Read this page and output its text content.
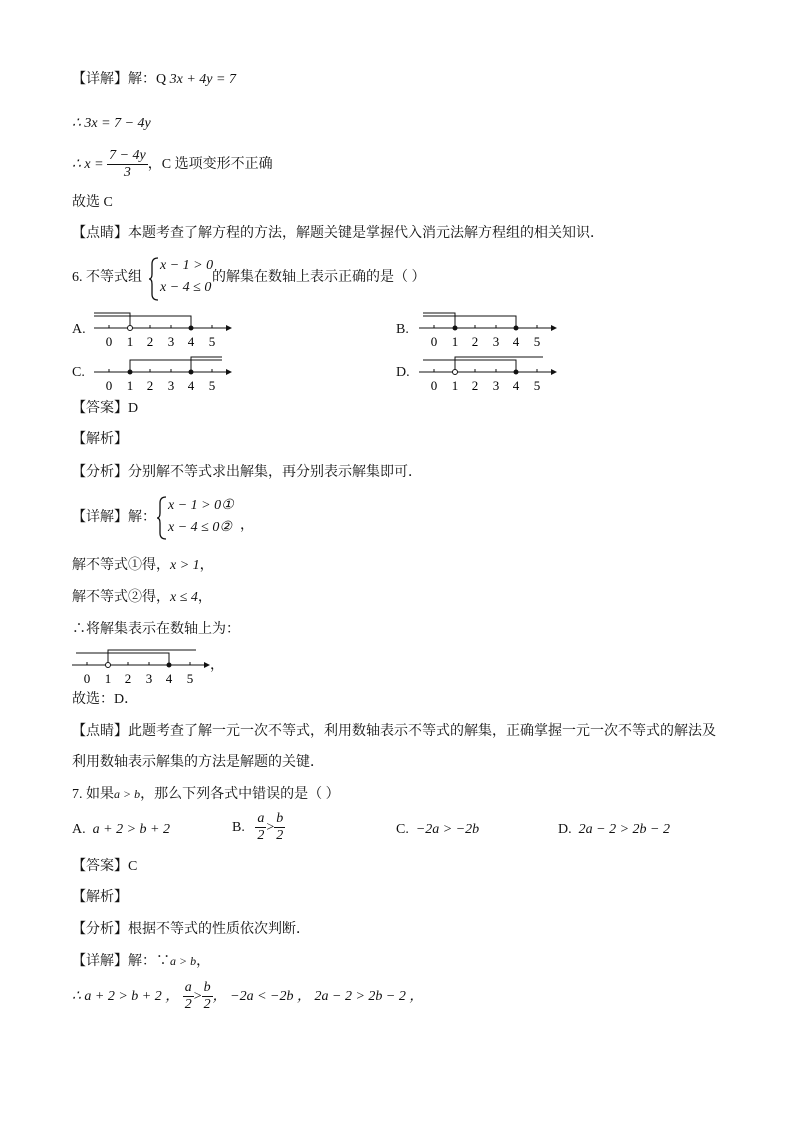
【详解】解：Q 3x + 4y = 7
∴ 3x = 7 − 4y
∴ $x = \frac{7 - 4y}{3}$ ，C 选项变形不正确
故选 C
【点睛】本题考查了解方程的方法，解题关键是掌握代入消元法解方程组的相关知识．
6. 不等式组
x − 1 > 0
x − 4 ≤ 0
的解集在数轴上表示正确的是（ ）
A.
0 1 2 3 4 5
B.
0 1 2 3 4 5
C.
0 1 2 3 4 5
D.
0 1 2 3 4 5
【答案】D
【解析】
【分析】分别解不等式求出解集，再分别表示解集即可．
【详解】解：
x − 1 > 0①
x − 4 ≤ 0② ，
解不等式①得，x > 1，
解不等式②得，x ≤ 4，
∴将解集表示在数轴上为：
0 1 2 3 4 5
，
故选：D．
【点睛】此题考查了解一元一次不等式，利用数轴表示不等式的解集，正确掌握一元一次不等式的解法及
利用数轴表示解集的方法是解题的关键．
7. 如果a > b，那么下列各式中错误的是（ ）
A. a + 2 > b + 2	B. $\frac{a}{2} > \frac{b}{2}$	C. −2a > −2b	D. 2a − 2 > 2b − 2
【答案】C
【解析】
【分析】根据不等式的性质依次判断．
【详解】解：∵a > b，
∴ a + 2 > b + 2 ， $\frac{a}{2} > \frac{b}{2}$ ， −2a < −2b ， 2a − 2 > 2b − 2 ，
